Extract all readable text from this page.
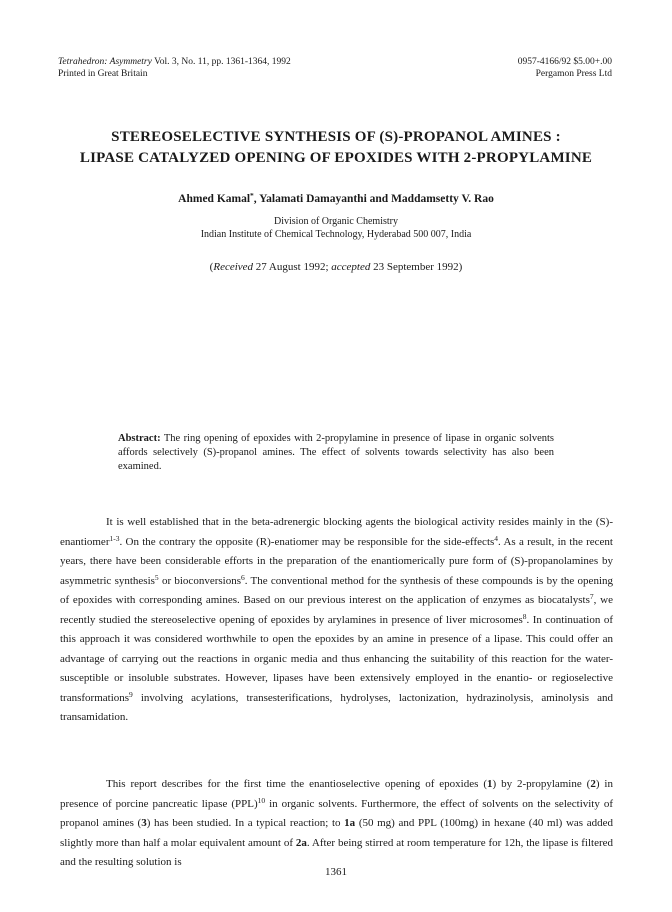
Tetrahedron: Asymmetry Vol. 3, No. 11, pp. 1361-1364, 1992
Printed in Great Britain
0957-4166/92 $5.00+.00
Pergamon Press Ltd
STEREOSELECTIVE SYNTHESIS OF (S)-PROPANOL AMINES :
LIPASE CATALYZED OPENING OF EPOXIDES WITH 2-PROPYLAMINE
Ahmed Kamal*, Yalamati Damayanthi and Maddamsetty V. Rao
Division of Organic Chemistry
Indian Institute of Chemical Technology, Hyderabad 500 007, India
(Received 27 August 1992; accepted 23 September 1992)
Abstract: The ring opening of epoxides with 2-propylamine in presence of lipase in organic solvents affords selectively (S)-propanol amines. The effect of solvents towards selectivity has also been examined.

It is well established that in the beta-adrenergic blocking agents the biological activity resides mainly in the (S)-enantiomer$^{1-3}$. On the contrary the opposite (R)-enatiomer may be responsible for the side-effects$^4$. As a result, in the recent years, there have been considerable efforts in the preparation of the enantiomerically pure form of (S)-propanolamines by asymmetric synthesis$^5$ or bioconversions$^6$. The conventional method for the synthesis of these compounds is by the opening of epoxides with corresponding amines. Based on our previous interest on the application of enzymes as biocatalysts$^7$, we recently studied the stereoselective opening of epoxides by arylamines in presence of liver microsomes$^8$. In continuation of this approach it was considered worthwhile to open the epoxides by an amine in presence of a lipase. This could offer an advantage of carrying out the reactions in organic media and thus enhancing the suitability of this reaction for the water-susceptible or insoluble substrates. However, lipases have been extensively employed in the enantio- or regioselective transformations$^9$ involving acylations, transesterifications, hydrolyses, lactonization, hydrazinolysis, aminolysis and transamidation.

This report describes for the first time the enantioselective opening of epoxides (1) by 2-propylamine (2) in presence of porcine pancreatic lipase (PPL)$^{10}$ in organic solvents. Furthermore, the effect of solvents on the selectivity of propanol amines (3) has been studied. In a typical reaction; to 1a (50 mg) and PPL (100mg) in hexane (40 ml) was added slightly more than half a molar equivalent amount of 2a. After being stirred at room temperature for 12h, the lipase is filtered and the resulting solution is

1361
